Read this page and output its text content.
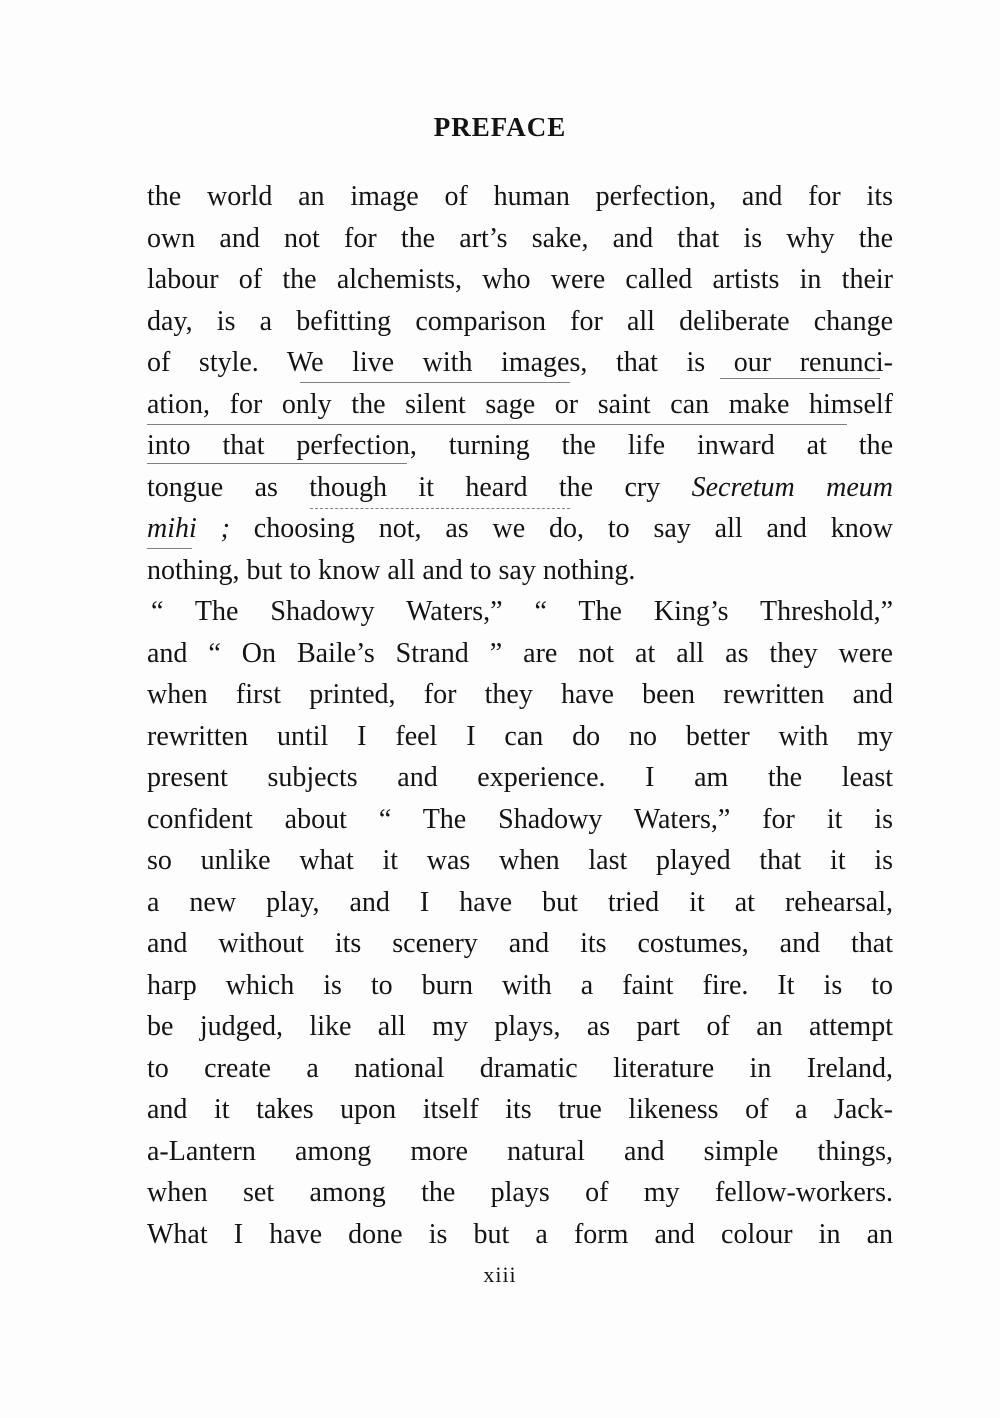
PREFACE
the world an image of human perfection, and for its
own and not for the art’s sake, and that is why the
labour of the alchemists, who were called artists in their
day, is a befitting comparison for all deliberate change
of style. We live with images, that is our renunci-
ation, for only the silent sage or saint can make himself
into that perfection, turning the life inward at the
tongue as though it heard the cry Secretum meum
mihi ; choosing not, as we do, to say all and know
nothing, but to know all and to say nothing.
“ The Shadowy Waters,” “ The King’s Threshold,”
and “ On Baile’s Strand ” are not at all as they were
when first printed, for they have been rewritten and
rewritten until I feel I can do no better with my
present subjects and experience. I am the least
confident about “ The Shadowy Waters,” for it is
so unlike what it was when last played that it is
a new play, and I have but tried it at rehearsal,
and without its scenery and its costumes, and that
harp which is to burn with a faint fire. It is to
be judged, like all my plays, as part of an attempt
to create a national dramatic literature in Ireland,
and it takes upon itself its true likeness of a Jack-
a-Lantern among more natural and simple things,
when set among the plays of my fellow-workers.
What I have done is but a form and colour in an
xiii
